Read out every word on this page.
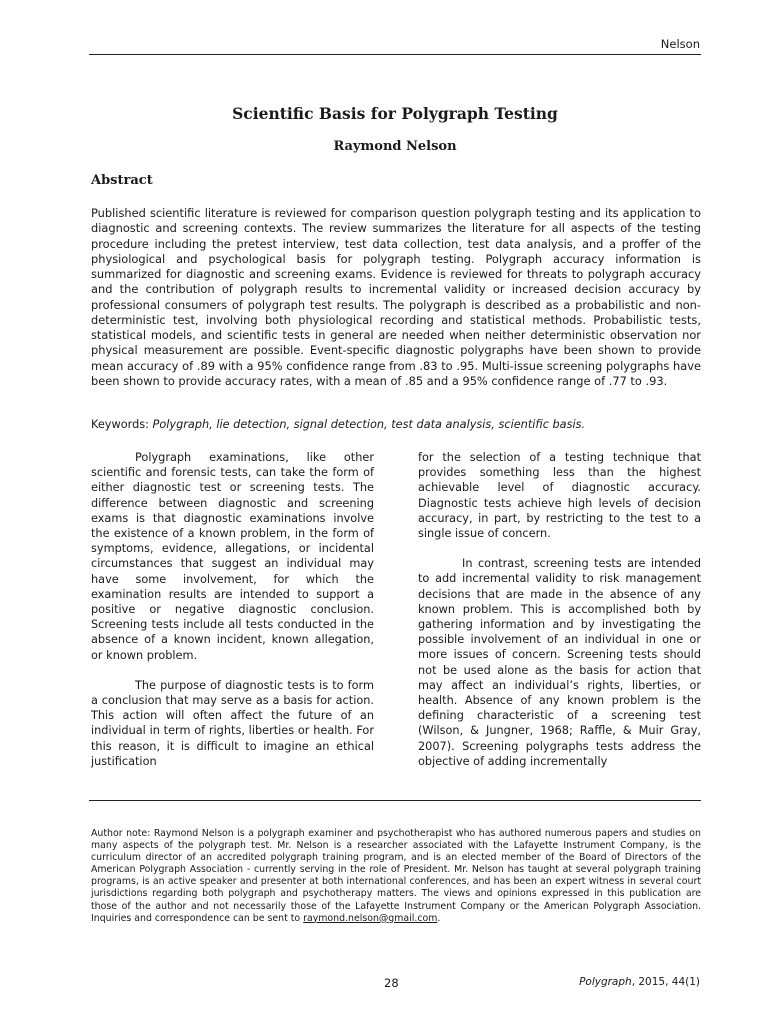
Nelson
Scientific Basis for Polygraph Testing
Raymond Nelson
Abstract

Published scientific literature is reviewed for comparison question polygraph testing and its application to diagnostic and screening contexts. The review summarizes the literature for all aspects of the testing procedure including the pretest interview, test data collection, test data analysis, and a proffer of the physiological and psychological basis for polygraph testing. Polygraph accuracy information is summarized for diagnostic and screening exams. Evidence is reviewed for threats to polygraph accuracy and the contribution of polygraph results to incremental validity or increased decision accuracy by professional consumers of polygraph test results. The polygraph is described as a probabilistic and non-deterministic test, involving both physiological recording and statistical methods. Probabilistic tests, statistical models, and scientific tests in general are needed when neither deterministic observation nor physical measurement are possible. Event-specific diagnostic polygraphs have been shown to provide mean accuracy of .89 with a 95% confidence range from .83 to .95. Multi-issue screening polygraphs have been shown to provide accuracy rates, with a mean of .85 and a 95% confidence range of .77 to .93.

Keywords: Polygraph, lie detection, signal detection, test data analysis, scientific basis.

Polygraph examinations, like other scientific and forensic tests, can take the form of either diagnostic test or screening tests. The difference between diagnostic and screening exams is that diagnostic examinations involve the existence of a known problem, in the form of symptoms, evidence, allegations, or incidental circumstances that suggest an individual may have some involvement, for which the examination results are intended to support a positive or negative diagnostic conclusion. Screening tests include all tests conducted in the absence of a known incident, known allegation, or known problem.

The purpose of diagnostic tests is to form a conclusion that may serve as a basis for action. This action will often affect the future of an individual in term of rights, liberties or health. For this reason, it is difficult to imagine an ethical justification

for the selection of a testing technique that provides something less than the highest achievable level of diagnostic accuracy. Diagnostic tests achieve high levels of decision accuracy, in part, by restricting to the test to a single issue of concern.

In contrast, screening tests are intended to add incremental validity to risk management decisions that are made in the absence of any known problem. This is accomplished both by gathering information and by investigating the possible involvement of an individual in one or more issues of concern. Screening tests should not be used alone as the basis for action that may affect an individual’s rights, liberties, or health. Absence of any known problem is the defining characteristic of a screening test (Wilson, & Jungner, 1968; Raffle, & Muir Gray, 2007). Screening polygraphs tests address the objective of adding incrementally

Author note: Raymond Nelson is a polygraph examiner and psychotherapist who has authored numerous papers and studies on many aspects of the polygraph test. Mr. Nelson is a researcher associated with the Lafayette Instrument Company, is the curriculum director of an accredited polygraph training program, and is an elected member of the Board of Directors of the American Polygraph Association - currently serving in the role of President. Mr. Nelson has taught at several polygraph training programs, is an active speaker and presenter at both international conferences, and has been an expert witness in several court jurisdictions regarding both polygraph and psychotherapy matters. The views and opinions expressed in this publication are those of the author and not necessarily those of the Lafayette Instrument Company or the American Polygraph Association. Inquiries and correspondence can be sent to raymond.nelson@gmail.com.

28	Polygraph, 2015, 44(1)
